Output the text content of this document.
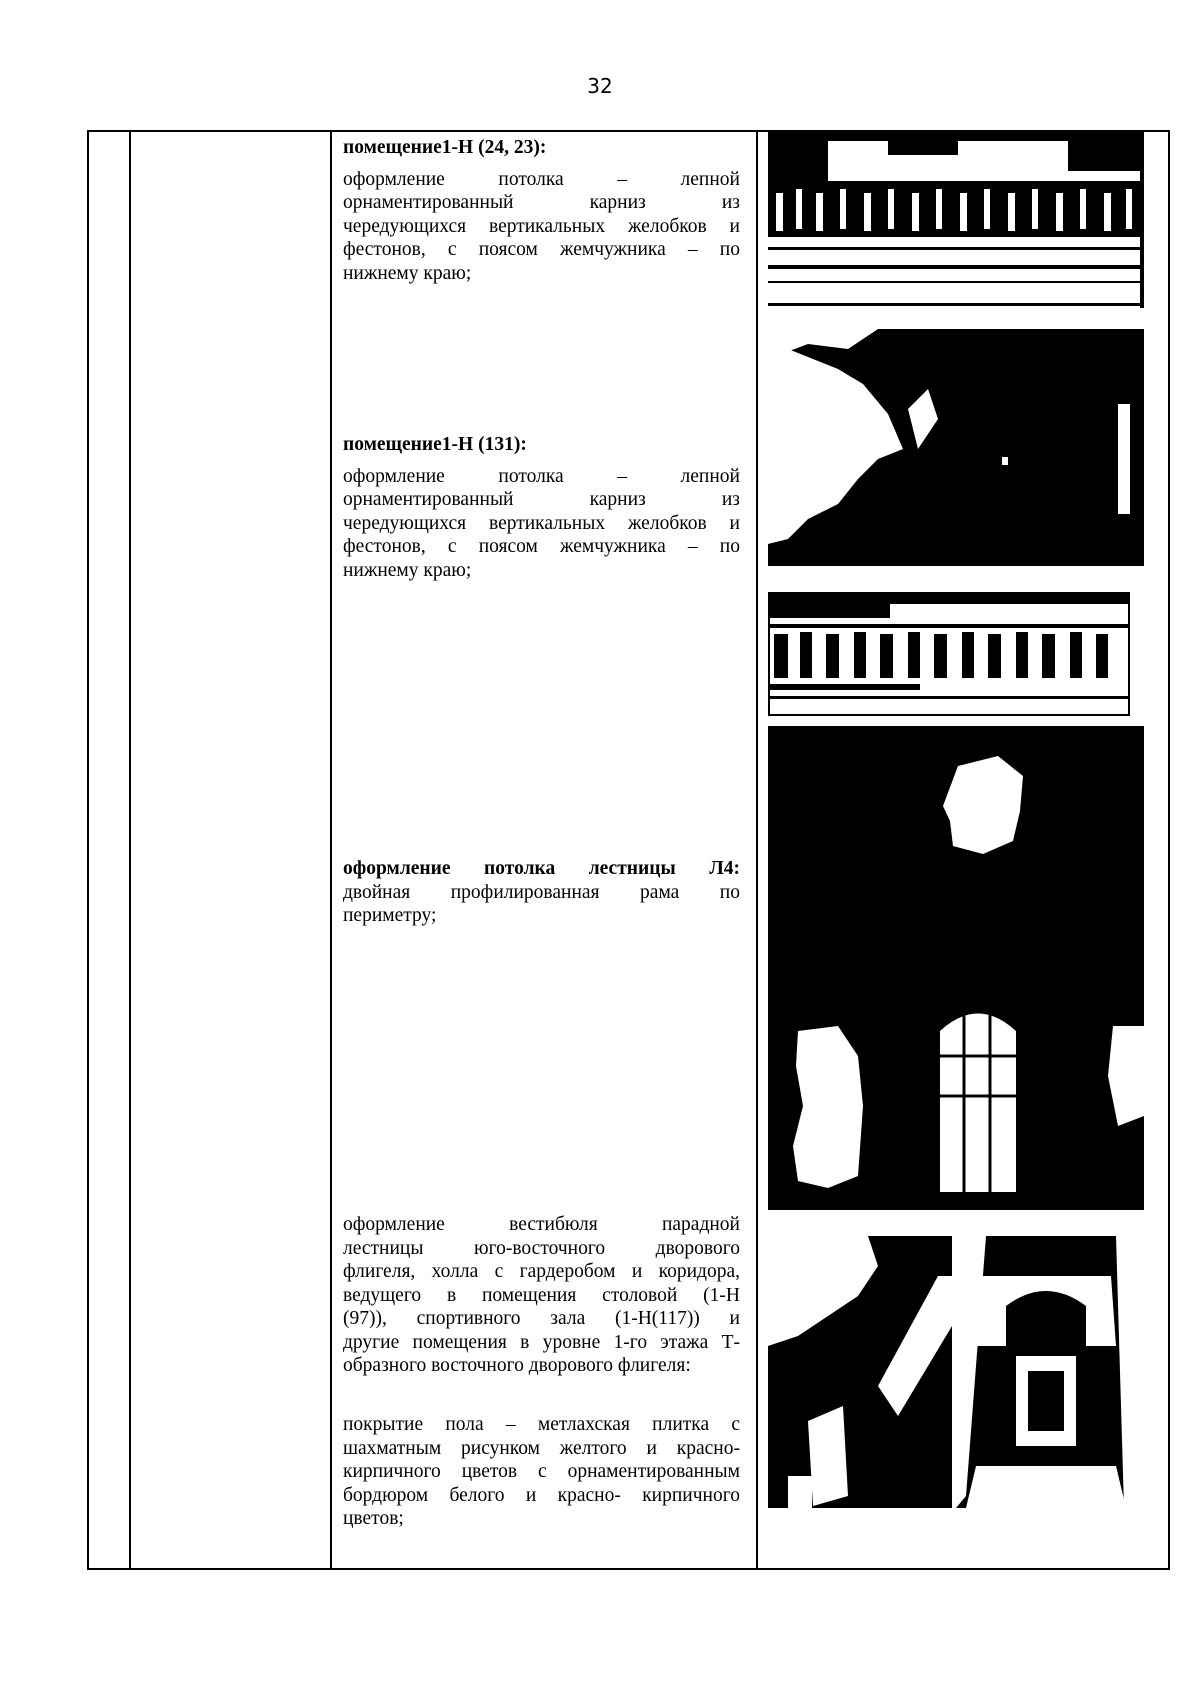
32

помещение1-Н (24, 23):

оформление потолка – лепной

орнаментированный карниз из

чередующихся вертикальных желобков и

фестонов, с поясом жемчужника – по

нижнему краю;

помещение1-Н (131):

оформление потолка – лепной

орнаментированный карниз из

чередующихся вертикальных желобков и

фестонов, с поясом жемчужника – по

нижнему краю;

оформление потолка лестницы Л4:

двойная профилированная рама по

периметру;

оформление вестибюля парадной

лестницы юго-восточного дворового

флигеля, холла с гардеробом и коридора,

ведущего в помещения столовой (1-Н

(97)), спортивного зала (1-Н(117)) и

другие помещения в уровне 1-го этажа Т-

образного восточного дворового флигеля:

покрытие пола – метлахская плитка с

шахматным рисунком желтого и красно-

кирпичного цветов с орнаментированным

бордюром белого и красно- кирпичного

цветов;
